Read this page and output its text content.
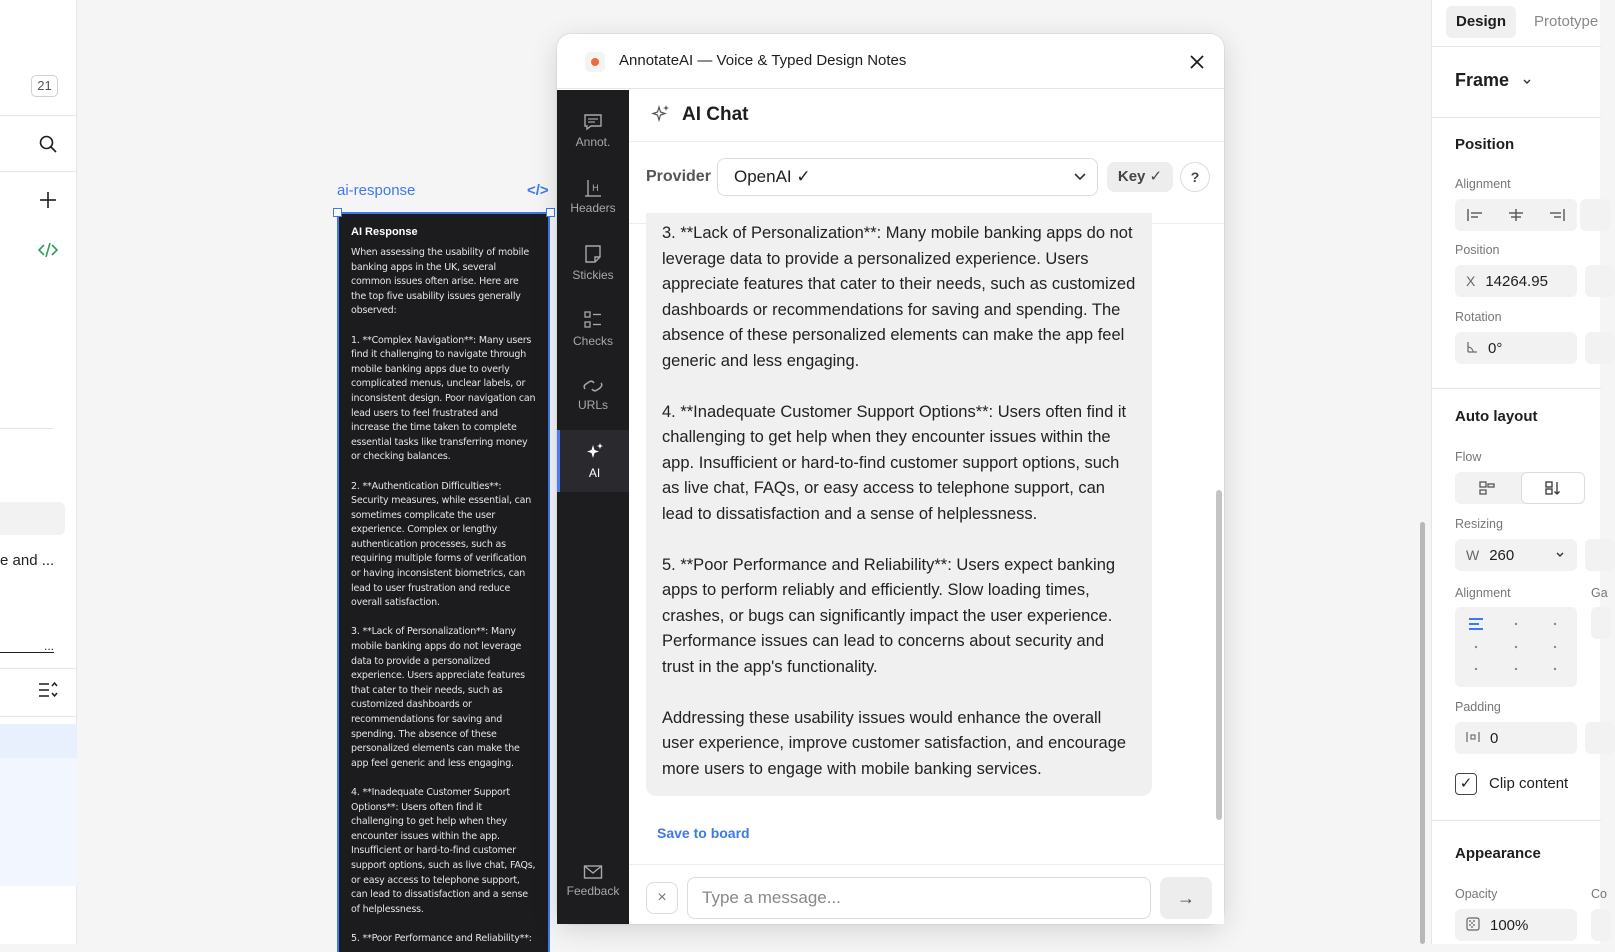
21
e and ...
...
ai-response	</>
AI Response
When assessing the usability of mobile banking apps in the UK, several common issues often arise. Here are the top five usability issues generally observed:
1. **Complex Navigation**: Many users find it challenging to navigate through mobile banking apps due to overly complicated menus, unclear labels, or inconsistent design. Poor navigation can lead users to feel frustrated and increase the time taken to complete essential tasks like transferring money or checking balances.
2. **Authentication Difficulties**: Security measures, while essential, can sometimes complicate the user experience. Complex or lengthy authentication processes, such as requiring multiple forms of verification or having inconsistent biometrics, can lead to user frustration and reduce overall satisfaction.
3. **Lack of Personalization**: Many mobile banking apps do not leverage data to provide a personalized experience. Users appreciate features that cater to their needs, such as customized dashboards or recommendations for saving and spending. The absence of these personalized elements can make the app feel generic and less engaging.
4. **Inadequate Customer Support Options**: Users often find it challenging to get help when they encounter issues within the app. Insufficient or hard-to-find customer support options, such as live chat, FAQs, or easy access to telephone support, can lead to dissatisfaction and a sense of helplessness.
5. **Poor Performance and Reliability**:
AnnotateAI — Voice & Typed Design Notes
Annot.
H
Headers
Stickies
Checks
URLs
AI
Feedback
AI Chat
Provider	OpenAI ✓	Key ✓	?

3. **Lack of Personalization**: Many mobile banking apps do not leverage data to provide a personalized experience. Users appreciate features that cater to their needs, such as customized dashboards or recommendations for saving and spending. The absence of these personalized elements can make the app feel generic and less engaging.

4. **Inadequate Customer Support Options**: Users often find it challenging to get help when they encounter issues within the app. Insufficient or hard-to-find customer support options, such as live chat, FAQs, or easy access to telephone support, can lead to dissatisfaction and a sense of helplessness.

5. **Poor Performance and Reliability**: Users expect banking apps to perform reliably and efficiently. Slow loading times, crashes, or bugs can significantly impact the user experience. Performance issues can lead to concerns about security and trust in the app's functionality.

Addressing these usability issues would enhance the overall user experience, improve customer satisfaction, and encourage more users to engage with mobile banking services.

Save to board
×
Type a message...	→
Design	Prototype
Frame
Position
Alignment
Position
X 14264.95
Rotation
0°
Auto layout
Flow
Resizing
W 260
Alignment	Ga
Padding
0
✓	Clip content
Appearance
Opacity	Co
100%
